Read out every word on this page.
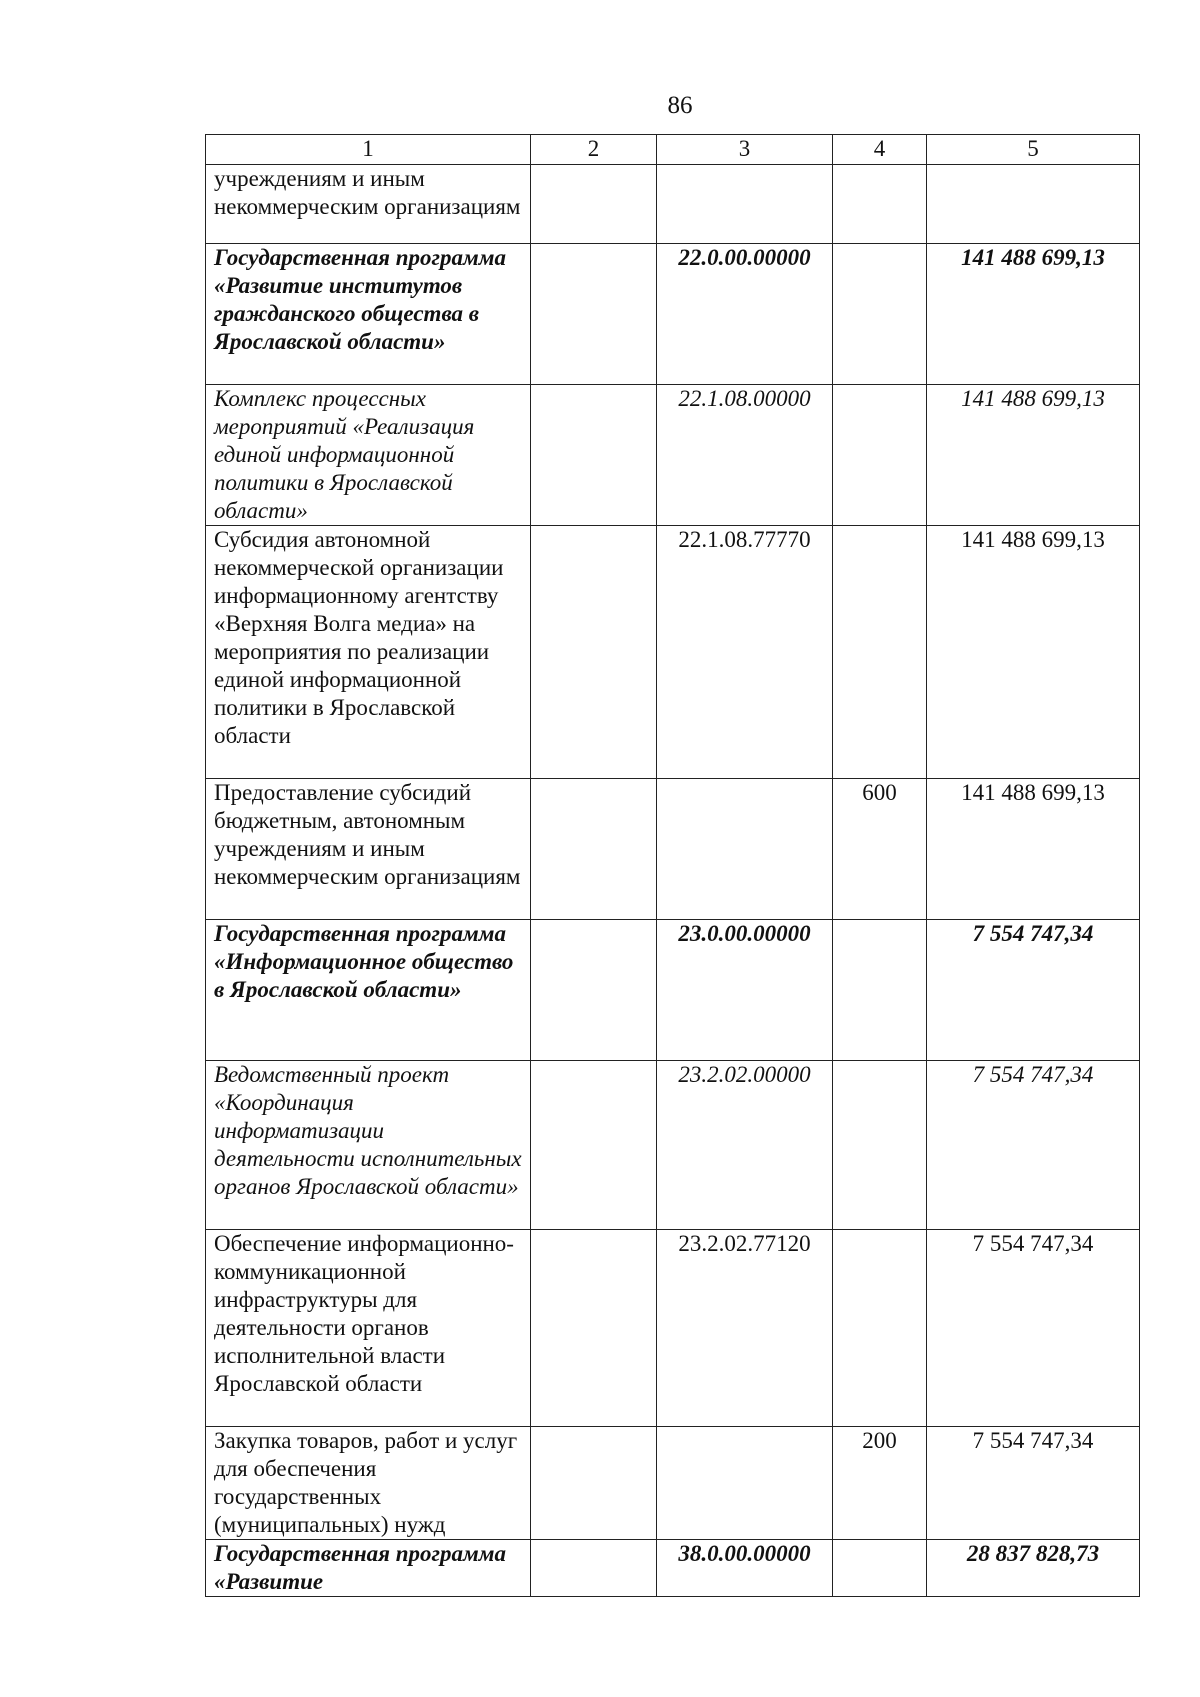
86
1	2	3	4	5
учреждениям и иным некоммерческим организациям				
Государственная программа «Развитие институтов гражданского общества в Ярославской области»		22.0.00.00000		141 488 699,13
Комплекс процессных мероприятий «Реализация единой информационной политики в Ярославской области»		22.1.08.00000		141 488 699,13
Субсидия автономной некоммерческой организации информационному агентству «Верхняя Волга медиа» на мероприятия по реализации единой информационной политики в Ярославской области		22.1.08.77770		141 488 699,13
Предоставление субсидий бюджетным, автономным учреждениям и иным некоммерческим организациям			600	141 488 699,13
Государственная программа «Информационное общество в Ярославской области»		23.0.00.00000		7 554 747,34
Ведомственный проект «Координация информатизации деятельности исполнительных органов Ярославской области»		23.2.02.00000		7 554 747,34
Обеспечение информационно-коммуникационной инфраструктуры для деятельности органов исполнительной власти Ярославской области		23.2.02.77120		7 554 747,34
Закупка товаров, работ и услуг для обеспечения государственных (муниципальных) нужд			200	7 554 747,34
Государственная программа «Развитие		38.0.00.00000		28 837 828,73
